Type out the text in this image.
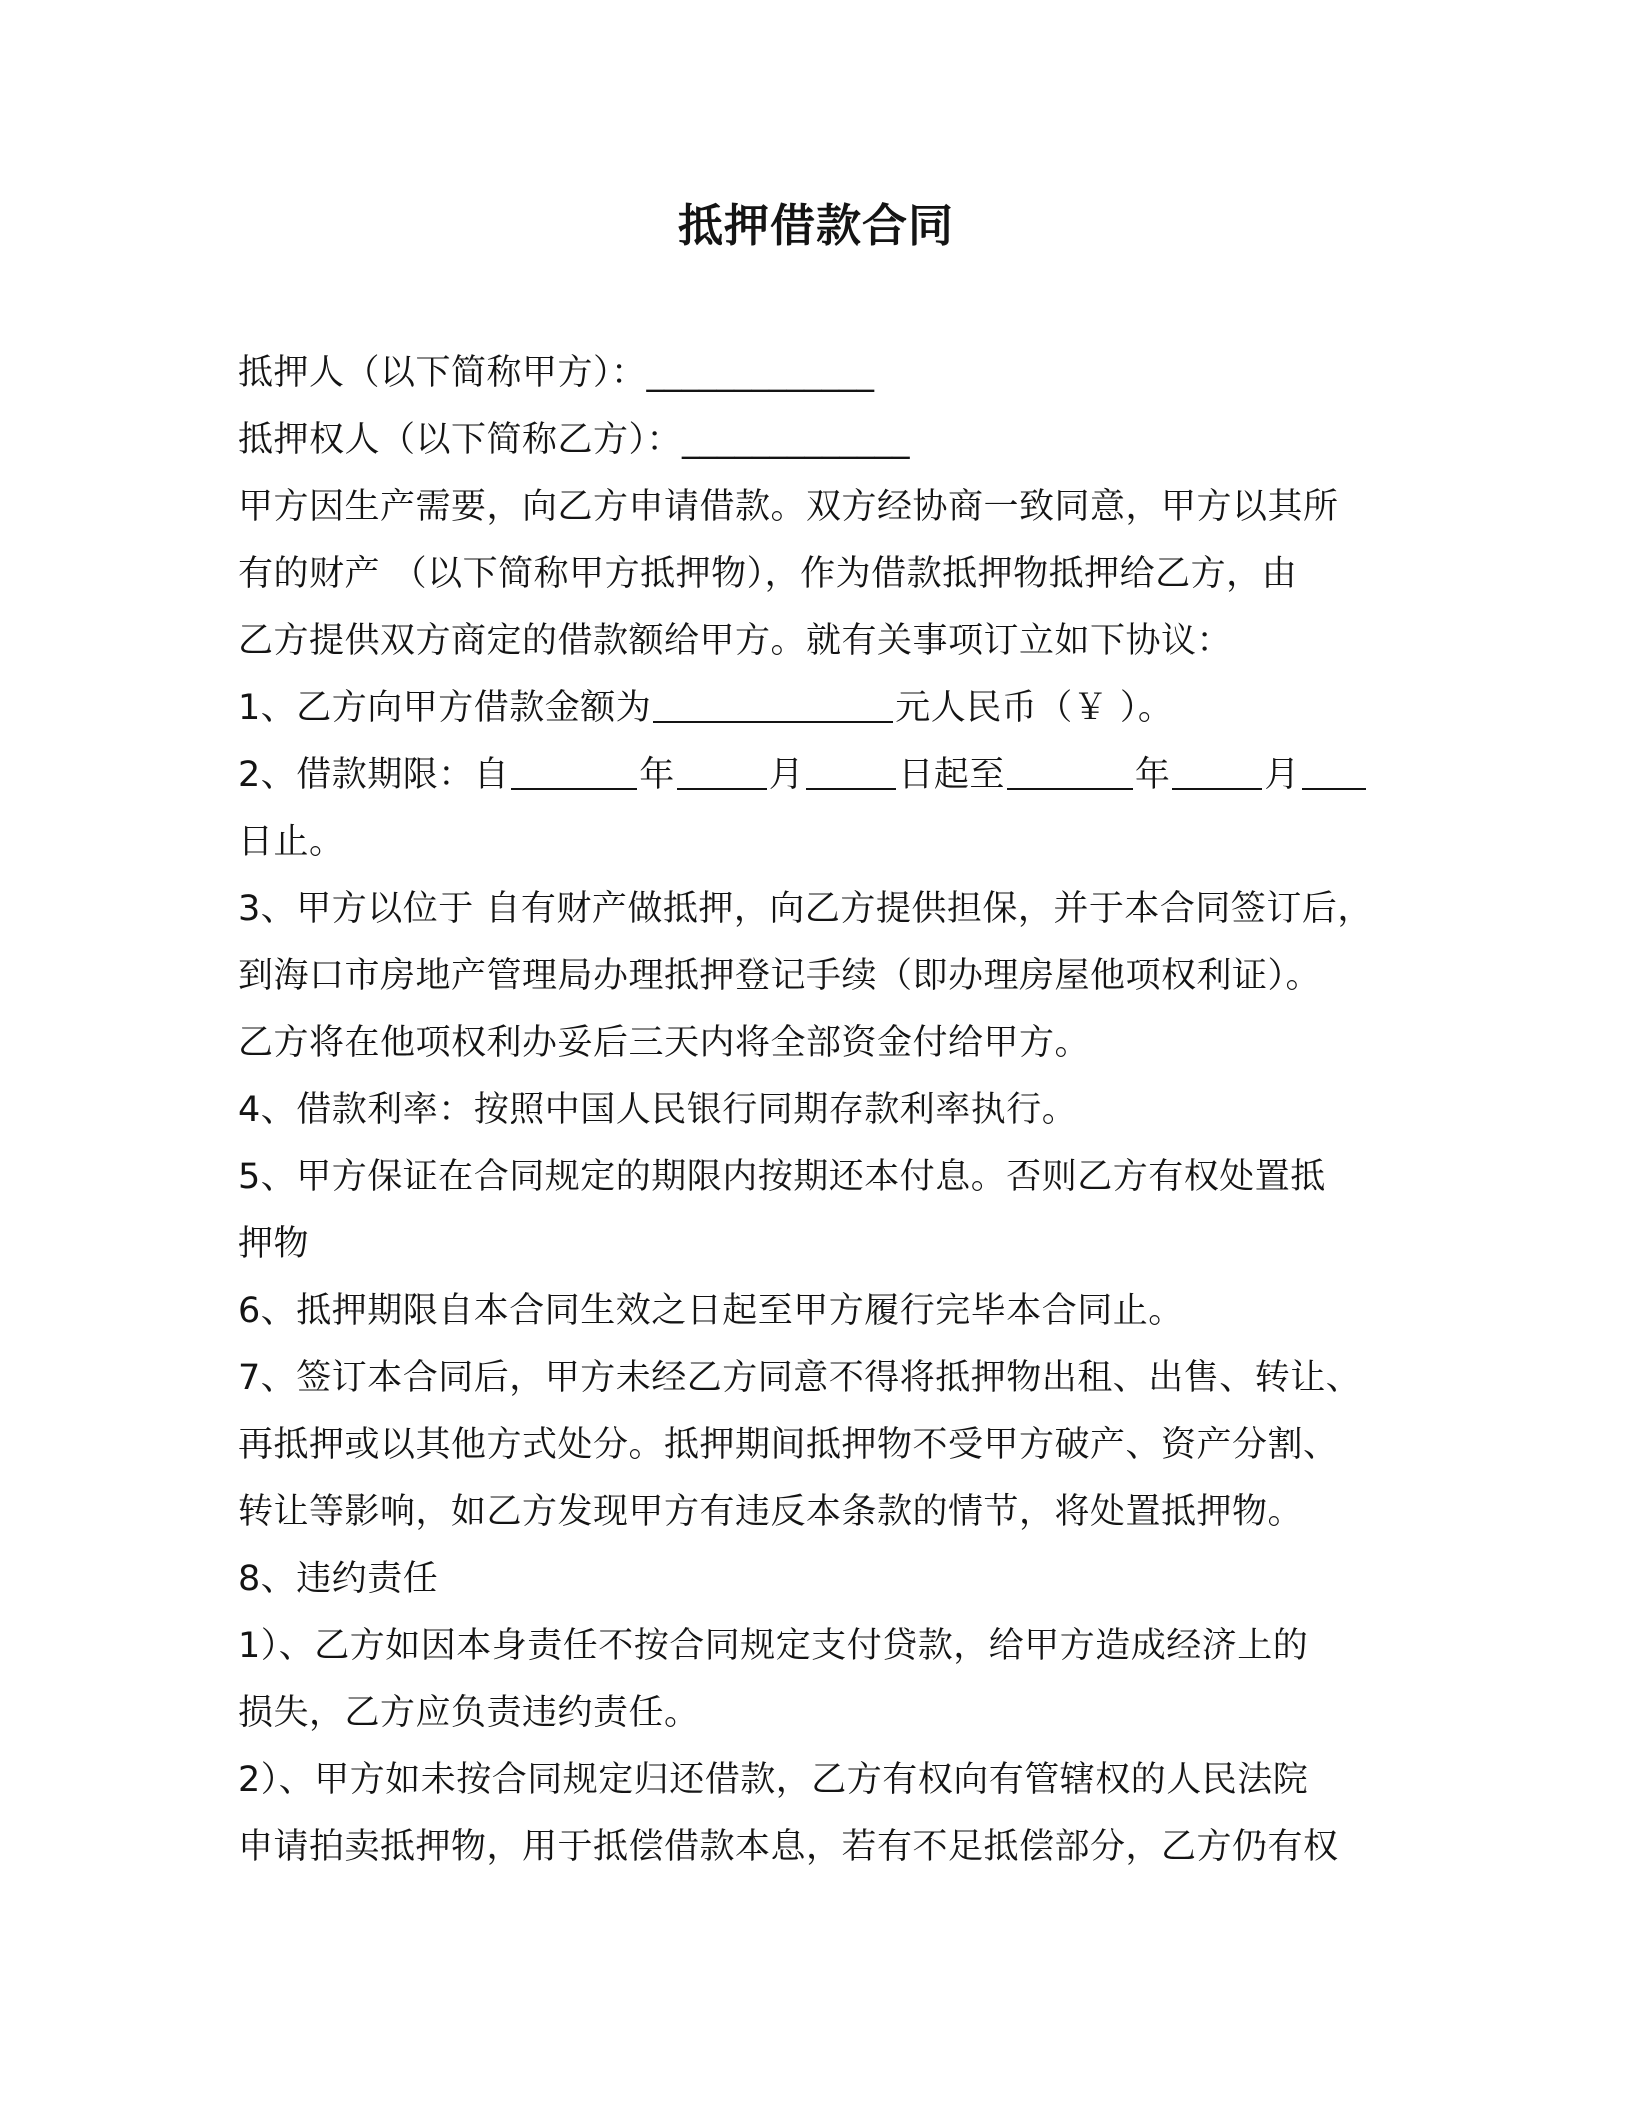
抵押借款合同
抵押人（以下简称甲方）：_____________
抵押权人（以下简称乙方）：_____________
甲方因生产需要，向乙方申请借款。双方经协商一致同意，甲方以其所
有的财产 （以下简称甲方抵押物），作为借款抵押物抵押给乙方，由
乙方提供双方商定的借款额给甲方。就有关事项订立如下协议：
1、乙方向甲方借款金额为	元人民币（￥ ）。
2、借款期限：自	年	月	日起至	年	月
日止。
3、甲方以位于 自有财产做抵押，向乙方提供担保，并于本合同签订后，
到海口市房地产管理局办理抵押登记手续（即办理房屋他项权利证）。
乙方将在他项权利办妥后三天内将全部资金付给甲方。
4、借款利率：按照中国人民银行同期存款利率执行。
5、甲方保证在合同规定的期限内按期还本付息。否则乙方有权处置抵
押物
6、抵押期限自本合同生效之日起至甲方履行完毕本合同止。
7、签订本合同后，甲方未经乙方同意不得将抵押物出租、出售、转让、
再抵押或以其他方式处分。抵押期间抵押物不受甲方破产、资产分割、
转让等影响，如乙方发现甲方有违反本条款的情节，将处置抵押物。
8、违约责任
1）、乙方如因本身责任不按合同规定支付贷款，给甲方造成经济上的
损失，乙方应负责违约责任。
2）、甲方如未按合同规定归还借款，乙方有权向有管辖权的人民法院
申请拍卖抵押物，用于抵偿借款本息，若有不足抵偿部分，乙方仍有权
